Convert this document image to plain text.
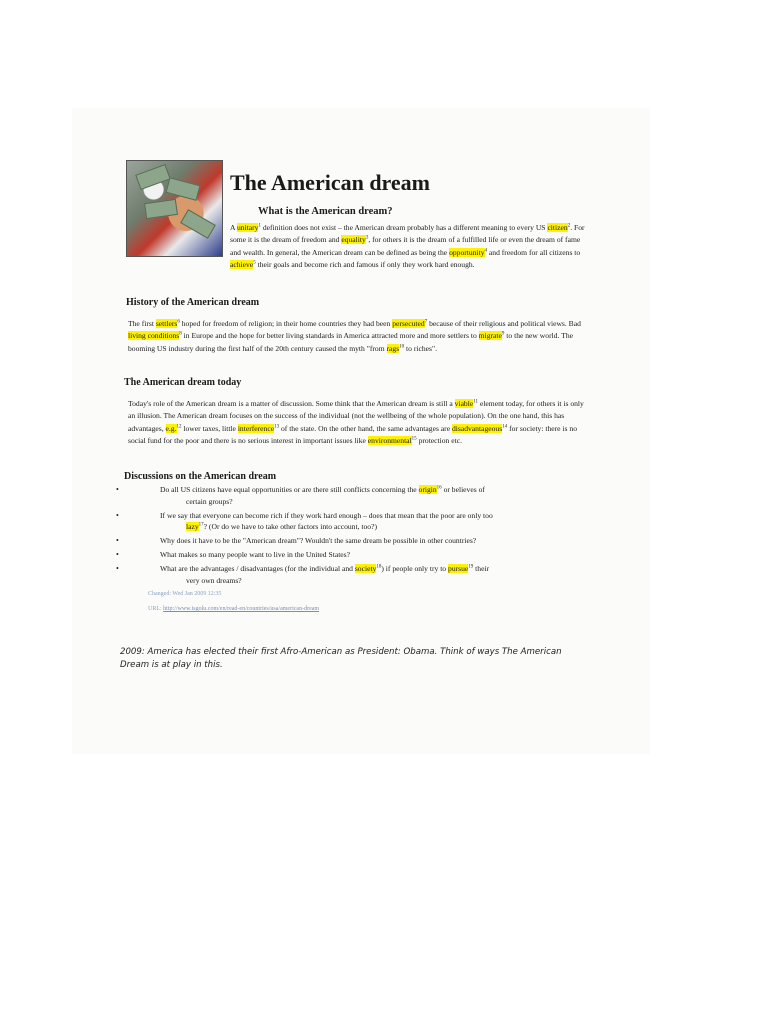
The American dream
What is the American dream?

A unitary$^1$ definition does not exist – the American dream probably has a different meaning to every US citizen$^2$. For some it is the dream of freedom and equality$^3$, for others it is the dream of a fulfilled life or even the dream of fame and wealth. In general, the American dream can be defined as being the opportunity$^4$ and freedom for all citizens to achieve$^5$ their goals and become rich and famous if only they work hard enough.

History of the American dream

The first settlers$^6$ hoped for freedom of religion; in their home countries they had been persecuted$^7$ because of their religious and political views. Bad living conditions$^8$ in Europe and the hope for better living standards in America attracted more and more settlers to migrate$^9$ to the new world. The booming US industry during the first half of the 20th century caused the myth "from rags$^{10}$ to riches".

The American dream today

Today's role of the American dream is a matter of discussion. Some think that the American dream is still a viable$^{11}$ element today, for others it is only an illusion. The American dream focuses on the success of the individual (not the wellbeing of the whole population). On the one hand, this has advantages, e.g.$^{12}$ lower taxes, little interference$^{13}$ of the state. On the other hand, the same advantages are disadvantageous$^{14}$ for society: there is no social fund for the poor and there is no serious interest in important issues like environmental$^{15}$ protection etc.

Discussions on the American dream
•	Do all US citizens have equal opportunities or are there still conflicts concerning the origin$^{16}$ or believes of
certain groups?
•	If we say that everyone can become rich if they work hard enough – does that mean that the poor are only too
lazy$^{17}$? (Or do we have to take other factors into account, too?)
•	Why does it have to be the "American dream"? Wouldn't the same dream be possible in other countries?
•	What makes so many people want to live in the United States?
•	What are the advantages / disadvantages (for the individual and society$^{18}$) if people only try to pursue$^{19}$ their
very own dreams?

Changed: Wed Jan 2009 12:35

URL: http://www.isgolu.com/en/read-en/countries/usa/american-dream

2009: America has elected their first Afro-American as President: Obama. Think of ways The American Dream is at play in this.
